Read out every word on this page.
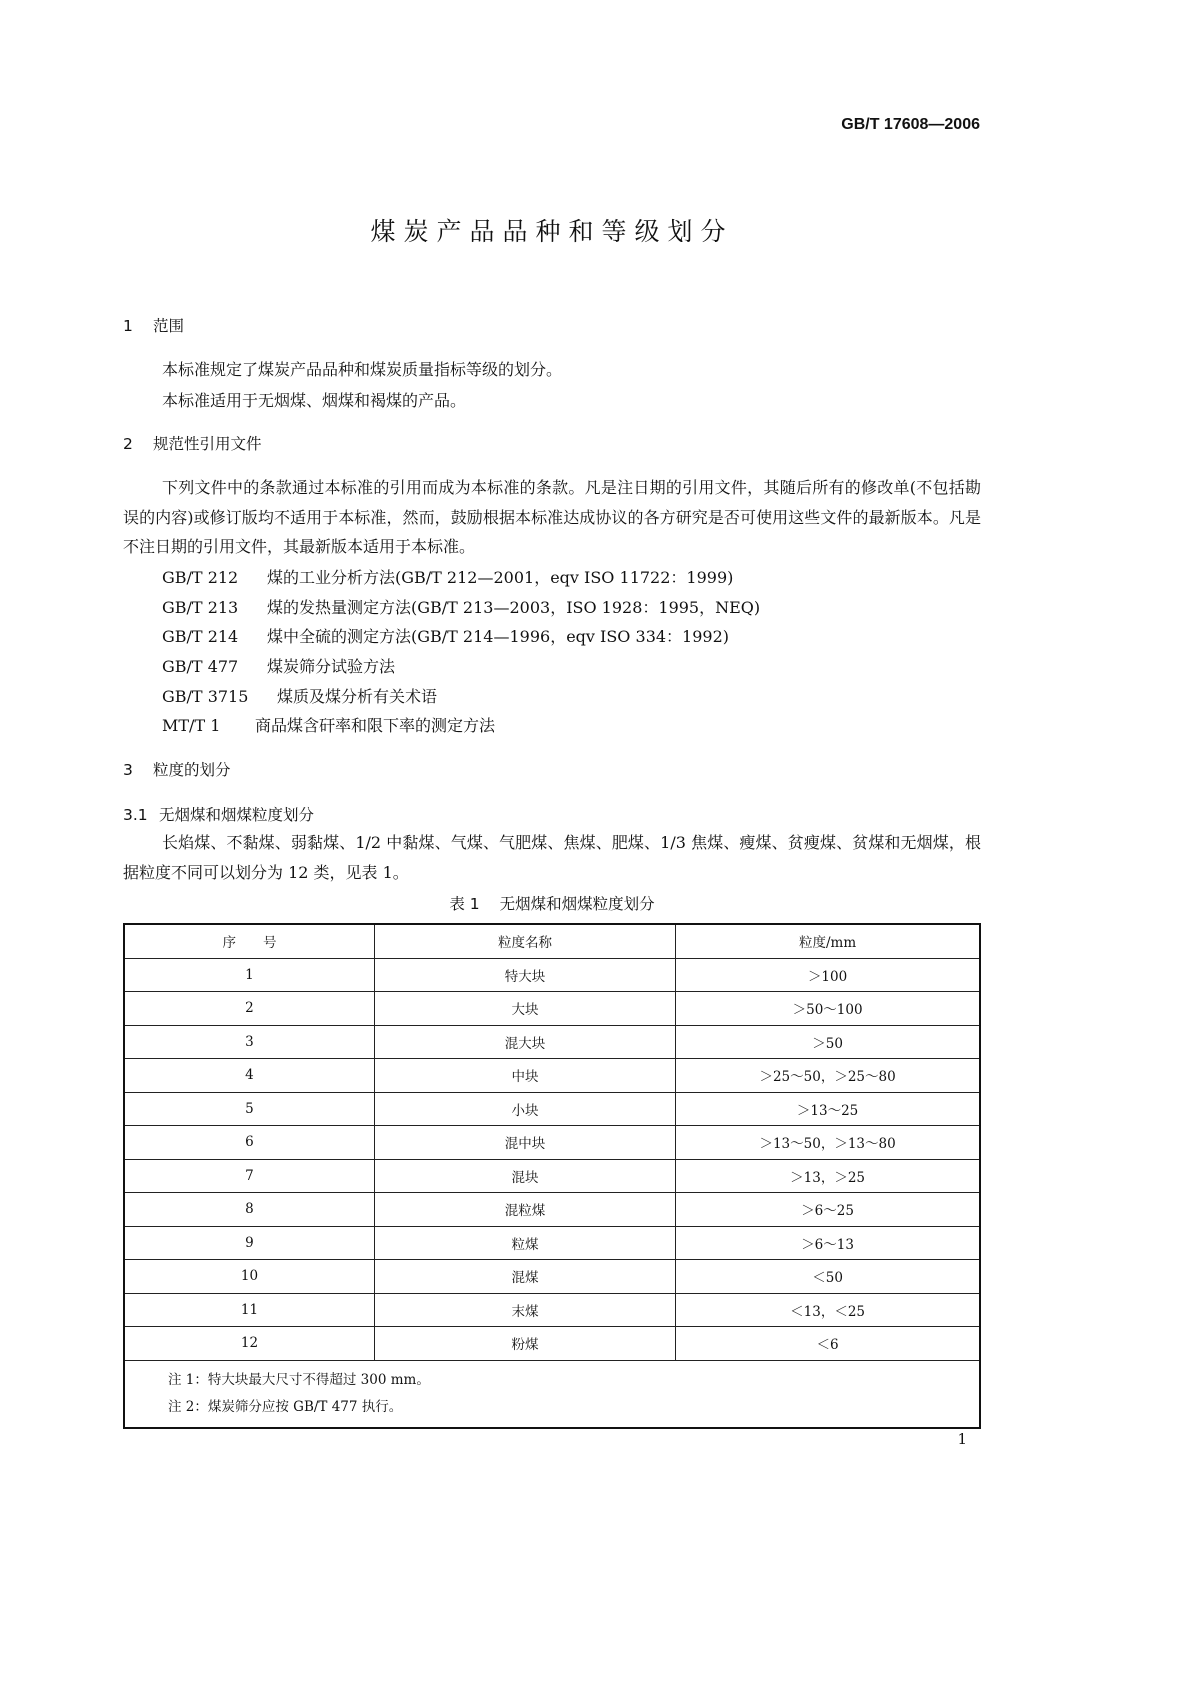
GB/T 17608—2006
煤炭产品品种和等级划分
1 范围
本标准规定了煤炭产品品种和煤炭质量指标等级的划分。
本标准适用于无烟煤、烟煤和褐煤的产品。
2 规范性引用文件
下列文件中的条款通过本标准的引用而成为本标准的条款。凡是注日期的引用文件，其随后所有的修改单(不包括勘误的内容)或修订版均不适用于本标准，然而，鼓励根据本标准达成协议的各方研究是否可使用这些文件的最新版本。凡是不注日期的引用文件，其最新版本适用于本标准。
GB/T 212 煤的工业分析方法(GB/T 212—2001，eqv ISO 11722：1999)
GB/T 213 煤的发热量测定方法(GB/T 213—2003，ISO 1928：1995，NEQ)
GB/T 214 煤中全硫的测定方法(GB/T 214—1996，eqv ISO 334：1992)
GB/T 477 煤炭筛分试验方法
GB/T 3715 煤质及煤分析有关术语
MT/T 1 商品煤含矸率和限下率的测定方法
3 粒度的划分
3.1 无烟煤和烟煤粒度划分
长焰煤、不黏煤、弱黏煤、1/2 中黏煤、气煤、气肥煤、焦煤、肥煤、1/3 焦煤、瘦煤、贫瘦煤、贫煤和无烟煤，根据粒度不同可以划分为 12 类，见表 1。
表 1 无烟煤和烟煤粒度划分
序　　号	粒度名称	粒度/mm
1	特大块	＞100
2	大块	＞50～100
3	混大块	＞50
4	中块	＞25～50，＞25～80
5	小块	＞13～25
6	混中块	＞13～50，＞13～80
7	混块	＞13，＞25
8	混粒煤	＞6～25
9	粒煤	＞6～13
10	混煤	＜50
11	末煤	＜13，＜25
12	粉煤	＜6

注 1：特大块最大尺寸不得超过 300 mm。
注 2：煤炭筛分应按 GB/T 477 执行。		
1
